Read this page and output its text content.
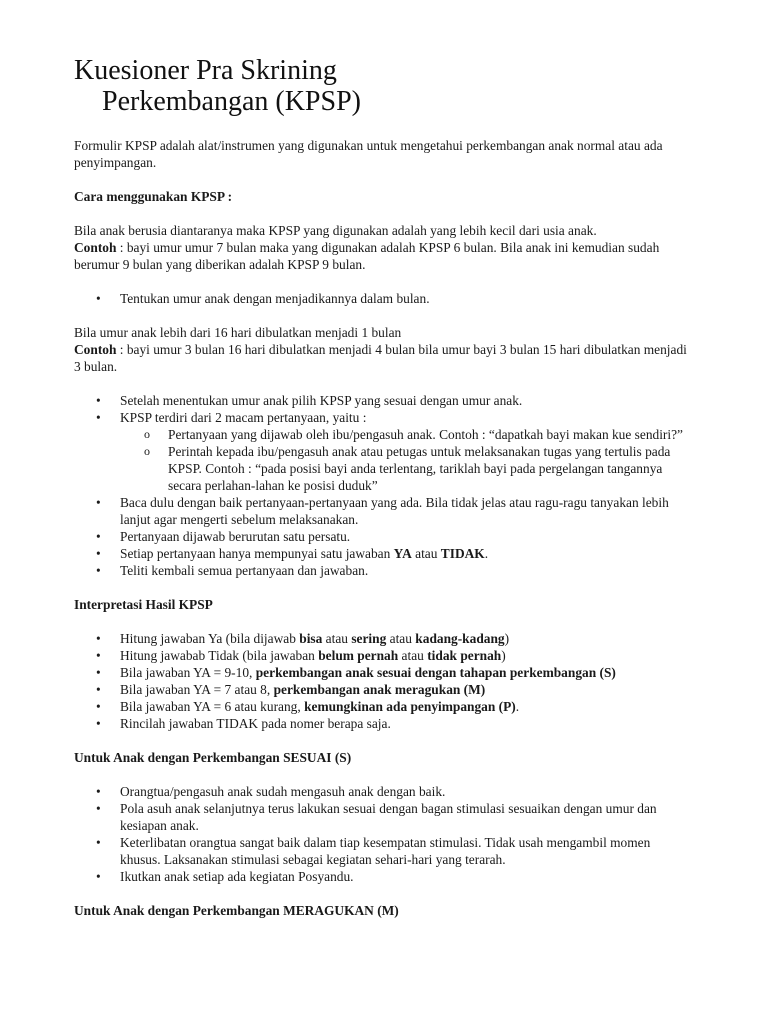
Kuesioner Pra Skrining
Perkembangan (KPSP)

Formulir KPSP adalah alat/instrumen yang digunakan untuk mengetahui perkembangan anak normal atau ada penyimpangan.

Cara menggunakan KPSP :

Bila anak berusia diantaranya maka KPSP yang digunakan adalah yang lebih kecil dari usia anak.
Contoh : bayi umur umur 7 bulan maka yang digunakan adalah KPSP 6 bulan. Bila anak ini kemudian sudah berumur 9 bulan yang diberikan adalah KPSP 9 bulan.

• Tentukan umur anak dengan menjadikannya dalam bulan.

Bila umur anak lebih dari 16 hari dibulatkan menjadi 1 bulan
Contoh : bayi umur 3 bulan 16 hari dibulatkan menjadi 4 bulan bila umur bayi 3 bulan 15 hari dibulatkan menjadi 3 bulan.

• Setelah menentukan umur anak pilih KPSP yang sesuai dengan umur anak.
• KPSP terdiri dari 2 macam pertanyaan, yaitu :
o Pertanyaan yang dijawab oleh ibu/pengasuh anak. Contoh : “dapatkah bayi makan kue sendiri?”
o Perintah kepada ibu/pengasuh anak atau petugas untuk melaksanakan tugas yang tertulis pada KPSP. Contoh : “pada posisi bayi anda terlentang, tariklah bayi pada pergelangan tangannya secara perlahan-lahan ke posisi duduk”
• Baca dulu dengan baik pertanyaan-pertanyaan yang ada. Bila tidak jelas atau ragu-ragu tanyakan lebih lanjut agar mengerti sebelum melaksanakan.
• Pertanyaan dijawab berurutan satu persatu.
• Setiap pertanyaan hanya mempunyai satu jawaban YA atau TIDAK.
• Teliti kembali semua pertanyaan dan jawaban.

Interpretasi Hasil KPSP

• Hitung jawaban Ya (bila dijawab bisa atau sering atau kadang-kadang)
• Hitung jawabab Tidak (bila jawaban belum pernah atau tidak pernah)
• Bila jawaban YA = 9-10, perkembangan anak sesuai dengan tahapan perkembangan (S)
• Bila jawaban YA = 7 atau 8, perkembangan anak meragukan (M)
• Bila jawaban YA = 6 atau kurang, kemungkinan ada penyimpangan (P).
• Rincilah jawaban TIDAK pada nomer berapa saja.

Untuk Anak dengan Perkembangan SESUAI (S)

• Orangtua/pengasuh anak sudah mengasuh anak dengan baik.
• Pola asuh anak selanjutnya terus lakukan sesuai dengan bagan stimulasi sesuaikan dengan umur dan kesiapan anak.
• Keterlibatan orangtua sangat baik dalam tiap kesempatan stimulasi. Tidak usah mengambil momen khusus. Laksanakan stimulasi sebagai kegiatan sehari-hari yang terarah.
• Ikutkan anak setiap ada kegiatan Posyandu.

Untuk Anak dengan Perkembangan MERAGUKAN (M)
